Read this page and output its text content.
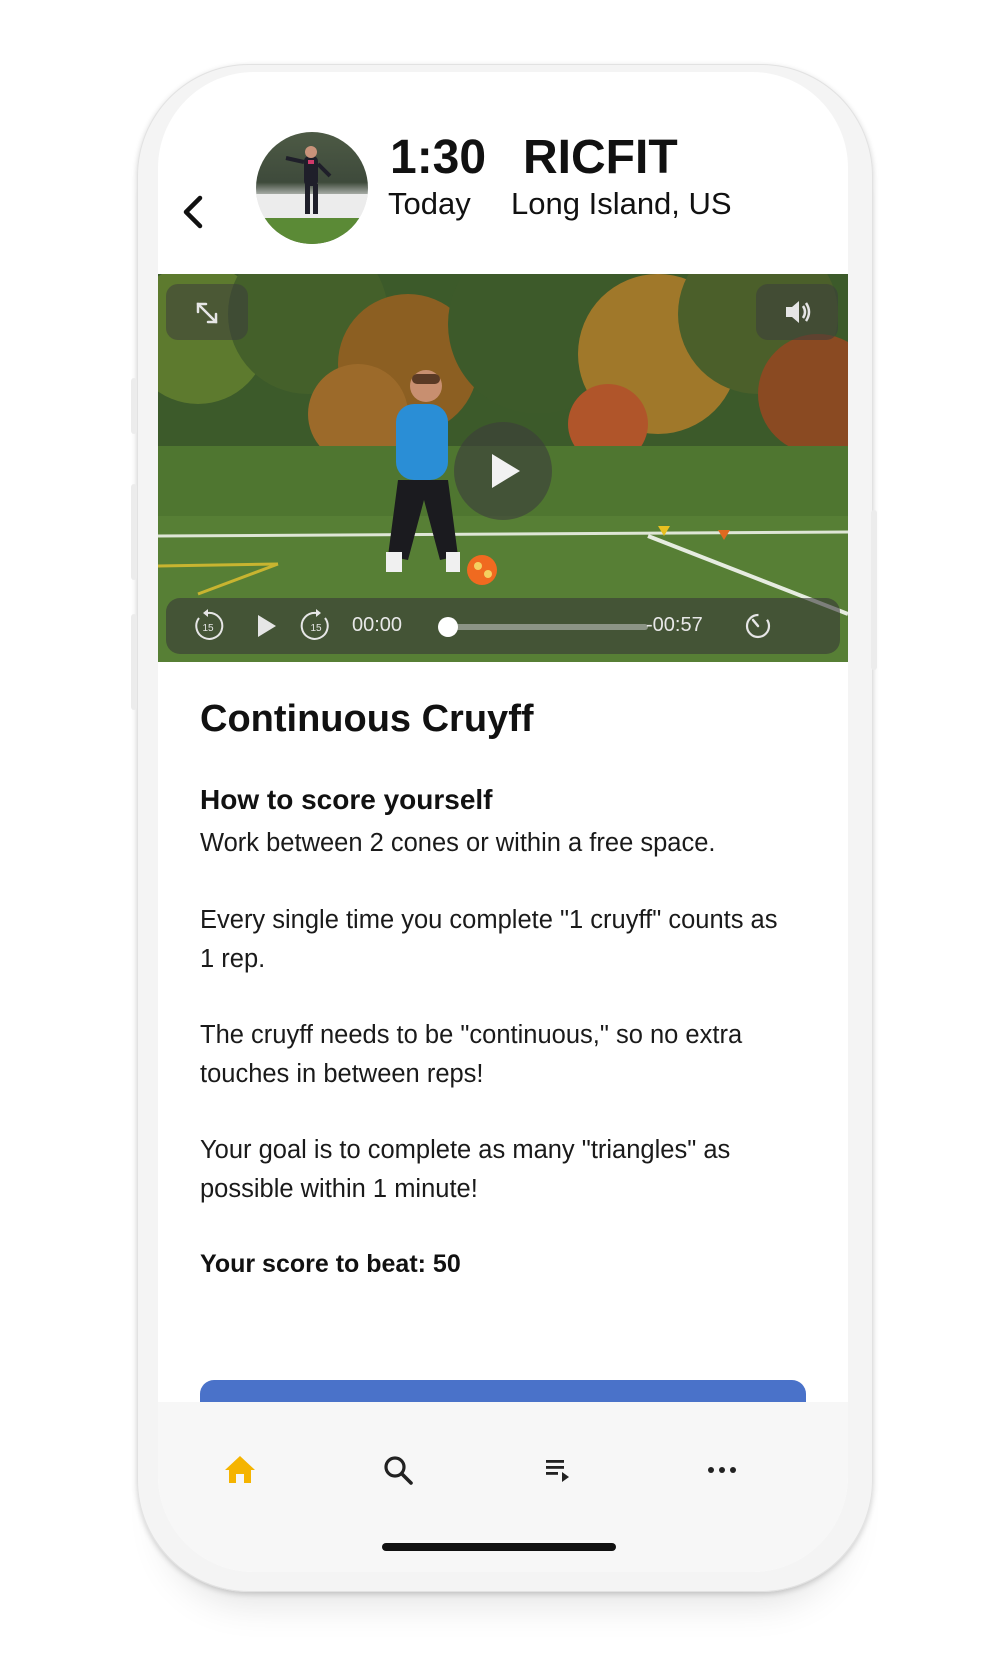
1:30
Today
RICFIT
Long Island, US
15	15 00:00	-00:57
Continuous Cruyff
How to score yourself
Work between 2 cones or within a free space.
Every single time you complete "1 cruyff" counts as 1 rep.
The cruyff needs to be "continuous," so no extra touches in between reps!
Your goal is to complete as many "triangles" as possible within 1 minute!
Your score to beat: 50
